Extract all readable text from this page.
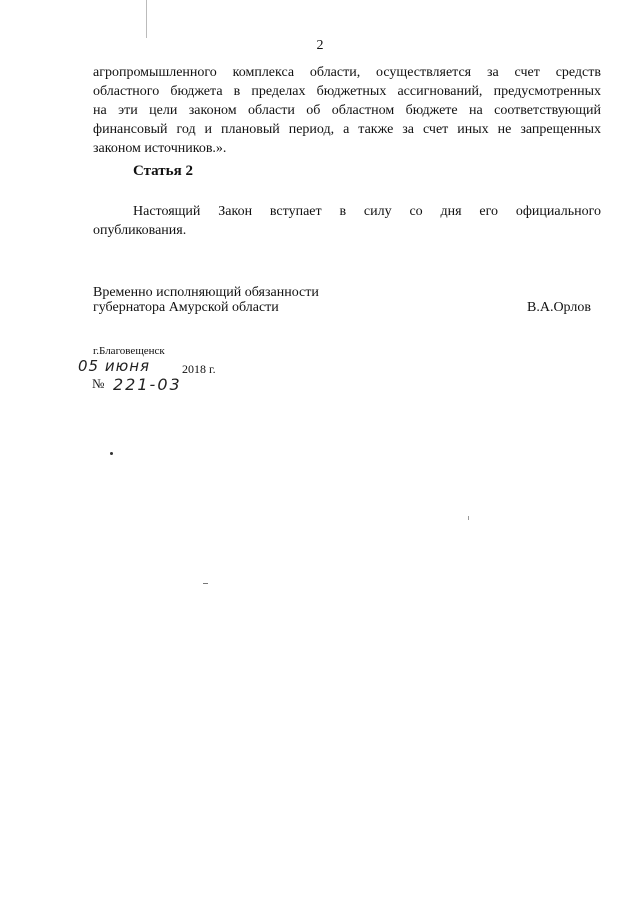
2
агропромышленного комплекса области, осуществляется за счет средств
областного бюджета в пределах бюджетных ассигнований, предусмотренных
на эти цели законом области об областном бюджете на соответствующий
финансовый год и плановый период, а также за счет иных не запрещенных
законом источников.».
Статья 2
Настоящий Закон вступает в силу со дня его официального
опубликования.
Временно исполняющий обязанности
губернатора Амурской области	В.А.Орлов
г.Благовещенск
05 июня	2018 г.
№ 221-03
